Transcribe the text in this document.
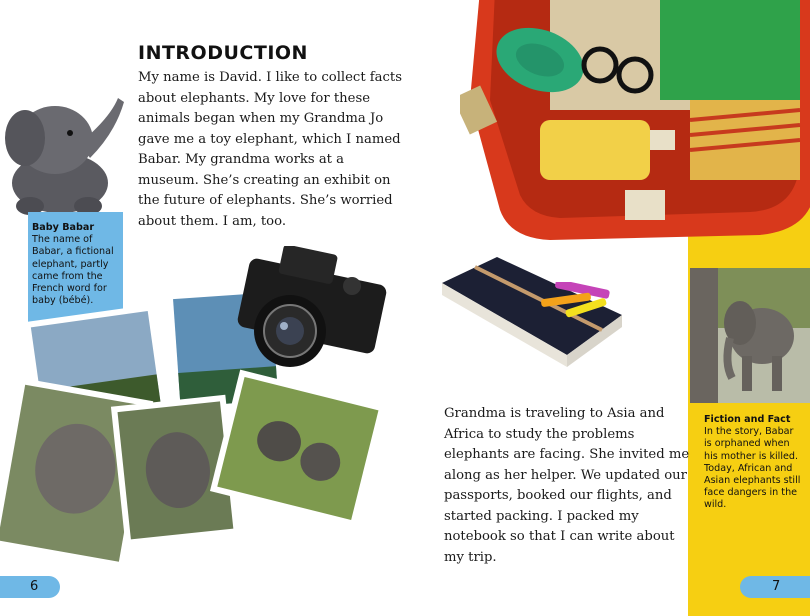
INTRODUCTION

My name is David. I like to collect facts about elephants. My love for these animals began when my Grandma Jo gave me a toy elephant, which I named Babar. My grandma works at a museum. She’s creating an exhibit on the future of elephants. She’s worried about them. I am, too.

Baby Babar
The name of Babar, a fictional elephant, partly came from the French word for baby (bébé).

Grandma is traveling to Asia and Africa to study the problems elephants are facing. She invited me along as her helper. We updated our passports, booked our flights, and started packing. I packed my notebook so that I can write about my trip.

Fiction and Fact
In the story, Babar is orphaned when his mother is killed. Today, African and Asian elephants still face dangers in the wild.
6	7
